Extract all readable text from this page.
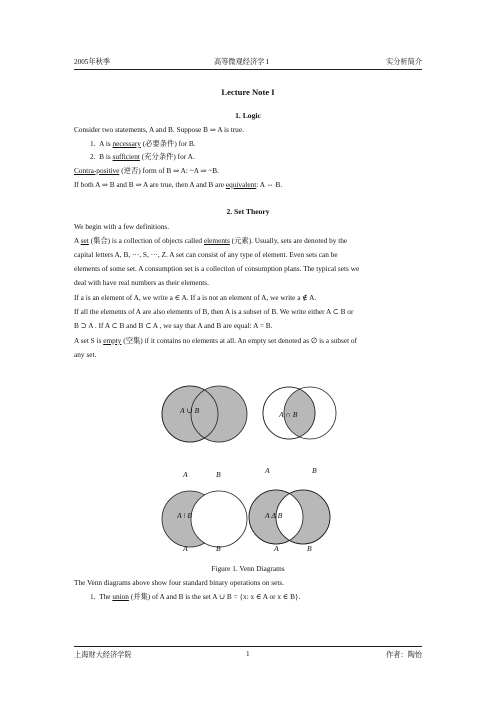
2005年秋季	高等微观经济学 I	实分析简介
Lecture Note I
1. Logic
Consider two statements, A and B. Suppose B ⇒ A is true.
1. A is necessary (必要条件) for B.
2. B is sufficient (充分条件) for A.
Contra-positive (逆否) form of B ⇒ A: ~A ⇒ ~B.
If both A ⇒ B and B ⇒ A are true, then A and B are equivalent: A ⇔ B.
2. Set Theory
We begin with a few definitions.
A set (集合) is a collection of objects called elements (元素). Usually, sets are denoted by the
capital letters A, B, ···, S, ···, Z. A set can consist of any type of element. Even sets can be
elements of some set. A consumption set is a collection of consumption plans. The typical sets we
deal with have real numbers as their elements.
If a is an element of A, we write a ∈ A. If a is not an element of A, we write a ∉ A.
If all the elements of A are also elements of B, then A is a subset of B. We write either A ⊂ B or
B ⊃ A . If A ⊂ B and B ⊂ A , we say that A and B are equal: A = B.
A set S is empty (空集) if it contains no elements at all. An empty set denoted as ∅ is a subset of
any set.
A ∪ B
A	B
A ∩ B
A	B
A \ B
A	B
A Δ B
A	B
Figure 1. Venn Diagrams
The Venn diagrams above show four standard binary operations on sets.
1. The union (并集) of A and B is the set A ∪ B = {x: x ∈ A or x ∈ B}.
上海财大经济学院	1	作者：陶怡
